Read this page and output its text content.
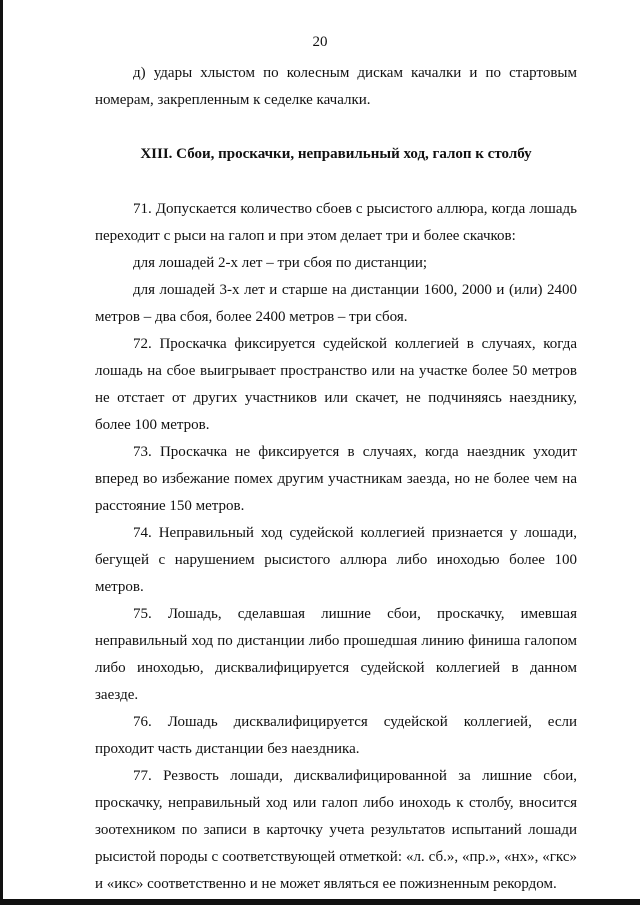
20

д) удары хлыстом по колесным дискам качалки и по стартовым номерам, закрепленным к седелке качалки.

XIII. Сбои, проскачки, неправильный ход, галоп к столбу

71. Допускается количество сбоев с рысистого аллюра, когда лошадь переходит с рыси на галоп и при этом делает три и более скачков:

для лошадей 2-х лет – три сбоя по дистанции;

для лошадей 3-х лет и старше на дистанции 1600, 2000 и (или) 2400 метров – два сбоя, более 2400 метров – три сбоя.

72. Проскачка фиксируется судейской коллегией в случаях, когда лошадь на сбое выигрывает пространство или на участке более 50 метров не отстает от других участников или скачет, не подчиняясь наезднику, более 100 метров.

73. Проскачка не фиксируется в случаях, когда наездник уходит вперед во избежание помех другим участникам заезда, но не более чем на расстояние 150 метров.

74. Неправильный ход судейской коллегией признается у лошади, бегущей с нарушением рысистого аллюра либо иноходью более 100 метров.

75. Лошадь, сделавшая лишние сбои, проскачку, имевшая неправильный ход по дистанции либо прошедшая линию финиша галопом либо иноходью, дисквалифицируется судейской коллегией в данном заезде.

76. Лошадь дисквалифицируется судейской коллегией, если проходит часть дистанции без наездника.

77. Резвость лошади, дисквалифицированной за лишние сбои, проскачку, неправильный ход или галоп либо иноходь к столбу, вносится зоотехником по записи в карточку учета результатов испытаний лошади рысистой породы с соответствующей отметкой: «л. сб.», «пр.», «нх», «гкс» и «икс» соответственно и не может являться ее пожизненным рекордом.
